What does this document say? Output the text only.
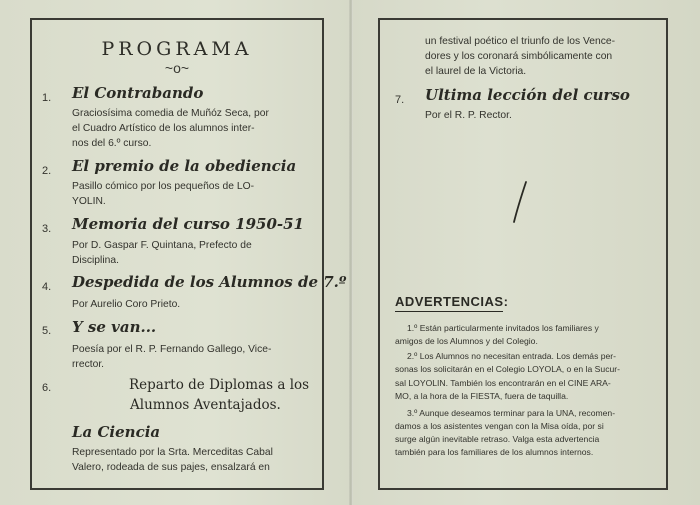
PROGRAMA
~o~
1. El Contrabando
Graciosísima comedia de Muñóz Seca, por
el Cuadro Artístico de los alumnos inter-
nos del 6.º curso.
2. El premio de la obediencia
Pasillo cómico por los pequeños de LO-
YOLIN.
3. Memoria del curso 1950-51
Por D. Gaspar F. Quintana, Prefecto de
Disciplina.
4. Despedida de los Alumnos de 7.º
Por Aurelio Coro Prieto.
5. Y se van...
Poesía por el R. P. Fernando Gallego, Vice-
rrector.
6.	Reparto de Diplomas a los
Alumnos Aventajados.
La Ciencia
Representado por la Srta. Merceditas Cabal
Valero, rodeada de sus pajes, ensalzará en
un festival poético el triunfo de los Vence-
dores y los coronará simbólicamente con
el laurel de la Victoria.
7. Ultima lección del curso
Por el R. P. Rector.
ADVERTENCIAS:
1.º Están particularmente invitados los familiares y
amigos de los Alumnos y del Colegio.
2.º Los Alumnos no necesitan entrada. Los demás per-
sonas los solicitarán en el Colegio LOYOLA, o en la Sucur-
sal LOYOLIN. También los encontrarán en el CINE ARA-
MO, a la hora de la FIESTA, fuera de taquilla.
3.º Aunque deseamos terminar para la UNA, recomen-
damos a los asistentes vengan con la Misa oída, por si
surge algún inevitable retraso. Valga esta advertencia
también para los familiares de los alumnos internos.
